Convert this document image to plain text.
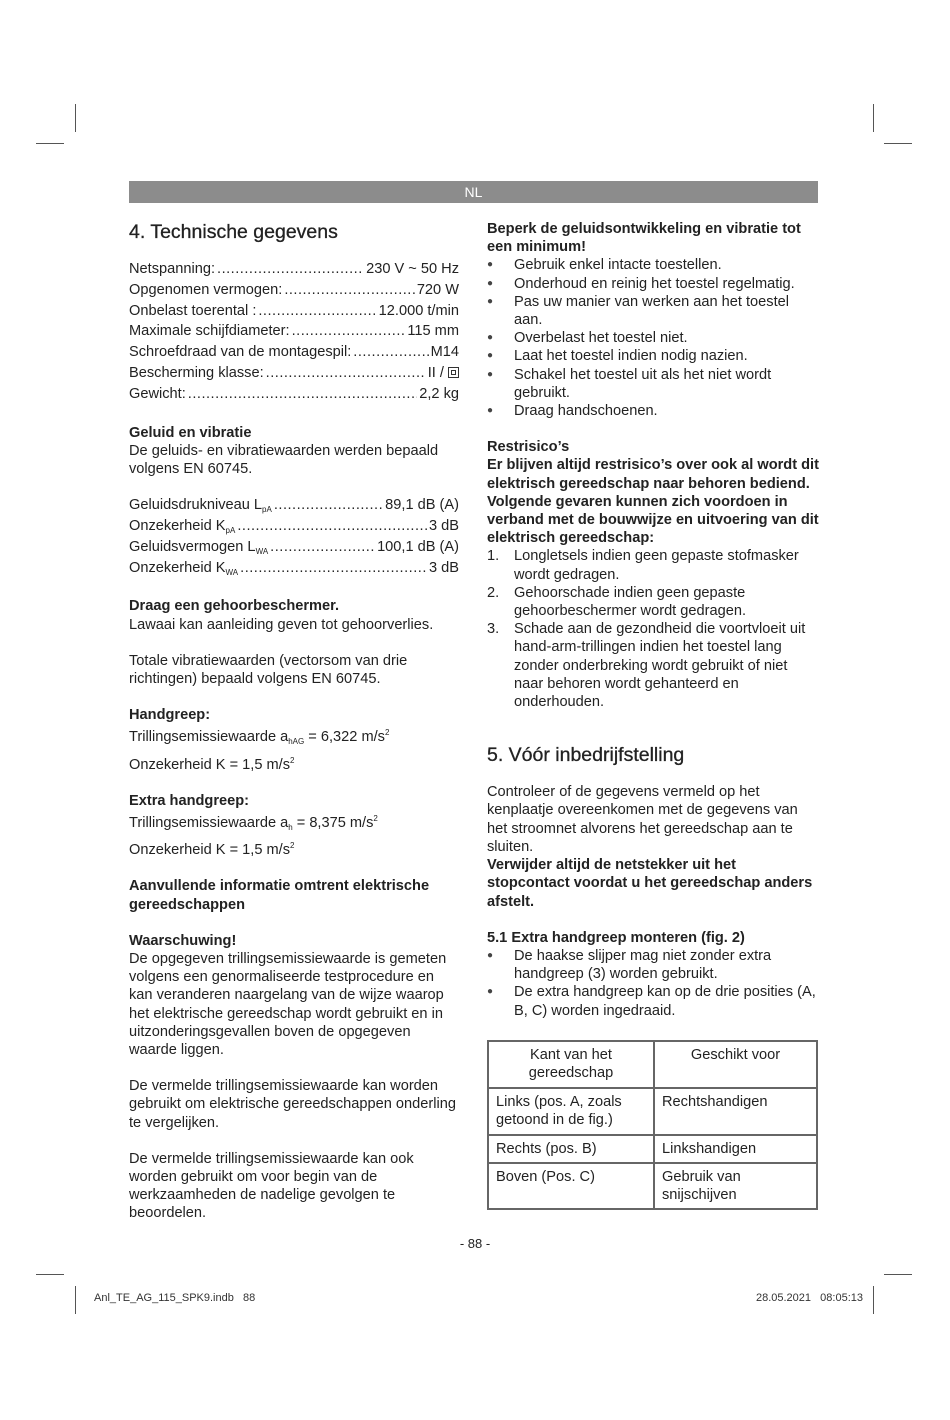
NL
4. Technische gegevens
Netspanning: .....	230 V ~ 50 Hz
Opgenomen vermogen: .....	720 W
Onbelast toerental : .....	12.000 t/min
Maximale schijfdiameter: .....	115 mm
Schroefdraad van de montagespil: .....	M14
Bescherming klasse: .....	II /
Gewicht: .....	2,2 kg

Geluid en vibratie

De geluids- en vibratiewaarden werden bepaald volgens EN 60745.

Geluidsdrukniveau $L_{pA}$ .....	89,1 dB (A)
Onzekerheid $K_{pA}$ .....	3 dB
Geluidsvermogen $L_{WA}$ .....	100,1 dB (A)
Onzekerheid $K_{WA}$ .....	3 dB

Draag een gehoorbeschermer.

Lawaai kan aanleiding geven tot gehoorverlies.

Totale vibratiewaarden (vectorsom van drie richtingen) bepaald volgens EN 60745.

Handgreep:

Trillingsemissiewaarde $a_{hAG} = 6,322$ $m/s^2$

Onzekerheid K = 1,5 $m/s^2$

Extra handgreep:

Trillingsemissiewaarde $a_h = 8,375$ $m/s^2$

Onzekerheid K = 1,5 $m/s^2$

Aanvullende informatie omtrent elektrische gereedschappen

Waarschuwing!

De opgegeven trillingsemissiewaarde is gemeten volgens een genormaliseerde testprocedure en kan veranderen naargelang van de wijze waarop het elektrische gereedschap wordt gebruikt en in uitzonderingsgevallen boven de opgegeven waarde liggen.

De vermelde trillingsemissiewaarde kan worden gebruikt om elektrische gereedschappen onderling te vergelijken.

De vermelde trillingsemissiewaarde kan ook worden gebruikt om voor begin van de werkzaamheden de nadelige gevolgen te beoordelen.

Beperk de geluidsontwikkeling en vibratie tot een minimum!

● Gebruik enkel intacte toestellen.
● Onderhoud en reinig het toestel regelmatig.
● Pas uw manier van werken aan het toestel aan.
● Overbelast het toestel niet.
● Laat het toestel indien nodig nazien.
● Schakel het toestel uit als het niet wordt gebruikt.
● Draag handschoenen.

Restrisico’s

Er blijven altijd restrisico’s over ook al wordt dit elektrisch gereedschap naar behoren bediend. Volgende gevaren kunnen zich voordoen in verband met de bouwwijze en uitvoering van dit elektrisch gereedschap:

1. Longletsels indien geen gepaste stofmasker wordt gedragen.
2. Gehoorschade indien geen gepaste gehoorbeschermer wordt gedragen.
3. Schade aan de gezondheid die voortvloeit uit hand-arm-trillingen indien het toestel lang zonder onderbreking wordt gebruikt of niet naar behoren wordt gehanteerd en onderhouden.
5. Vóór inbedrijfstelling

Controleer of de gegevens vermeld op het kenplaatje overeenkomen met de gegevens van het stroomnet alvorens het gereedschap aan te sluiten.

Verwijder altijd de netstekker uit het stopcontact voordat u het gereedschap anders afstelt.

5.1 Extra handgreep monteren (fig. 2)

● De haakse slijper mag niet zonder extra handgreep (3) worden gebruikt.
● De extra handgreep kan op de drie posities (A, B, C) worden ingedraaid.
Kant van het gereedschap	Geschikt voor
Links (pos. A, zoals getoond in de fig.)	Rechtshandigen
Rechts (pos. B)	Linkshandigen
Boven (Pos. C)	Gebruik van snijschijven
- 88 -
Anl_TE_AG_115_SPK9.indb   88	28.05.2021   08:05:13
